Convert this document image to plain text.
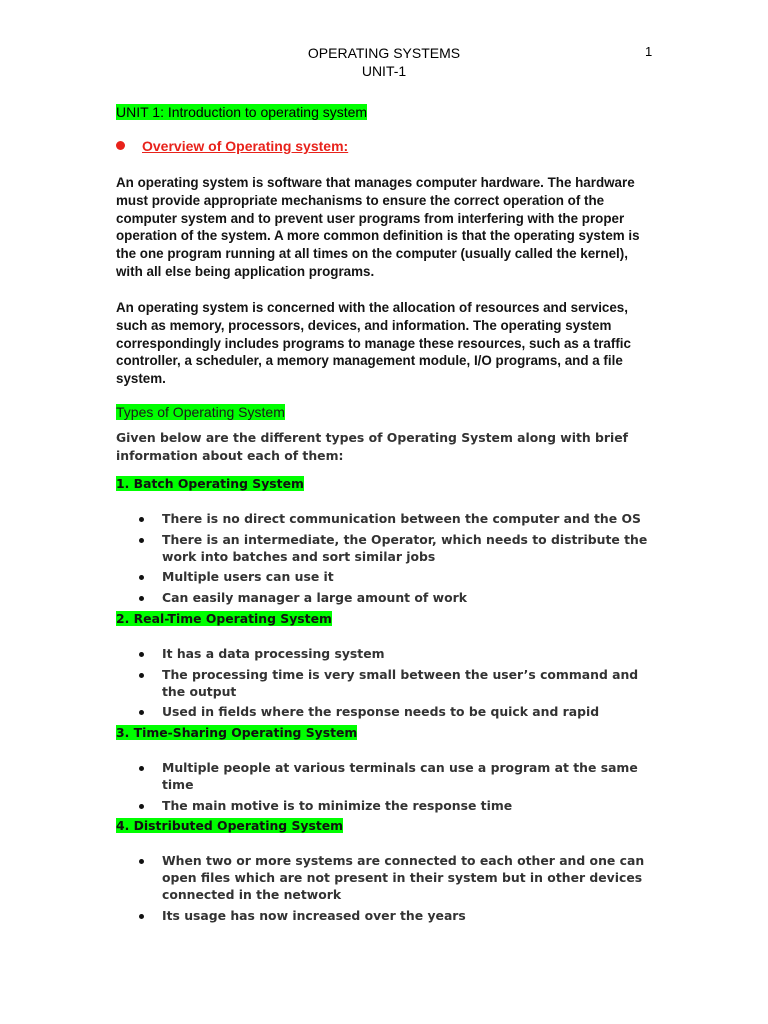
1
OPERATING SYSTEMS
UNIT-1
UNIT 1: Introduction to operating system
Overview of Operating system:
An operating system is software that manages computer hardware. The hardware must provide appropriate mechanisms to ensure the correct operation of the computer system and to prevent user programs from interfering with the proper operation of the system. A more common definition is that the operating system is the one program running at all times on the computer (usually called the kernel), with all else being application programs.
An operating system is concerned with the allocation of resources and services, such as memory, processors, devices, and information. The operating system correspondingly includes programs to manage these resources, such as a traffic controller, a scheduler, a memory management module, I/O programs, and a file system.
Types of Operating System
Given below are the different types of Operating System along with brief information about each of them:
1. Batch Operating System
There is no direct communication between the computer and the OS
There is an intermediate, the Operator, which needs to distribute the work into batches and sort similar jobs
Multiple users can use it
Can easily manager a large amount of work
2. Real-Time Operating System
It has a data processing system
The processing time is very small between the user’s command and the output
Used in fields where the response needs to be quick and rapid
3. Time-Sharing Operating System
Multiple people at various terminals can use a program at the same time
The main motive is to minimize the response time
4. Distributed Operating System
When two or more systems are connected to each other and one can open files which are not present in their system but in other devices connected in the network
Its usage has now increased over the years
